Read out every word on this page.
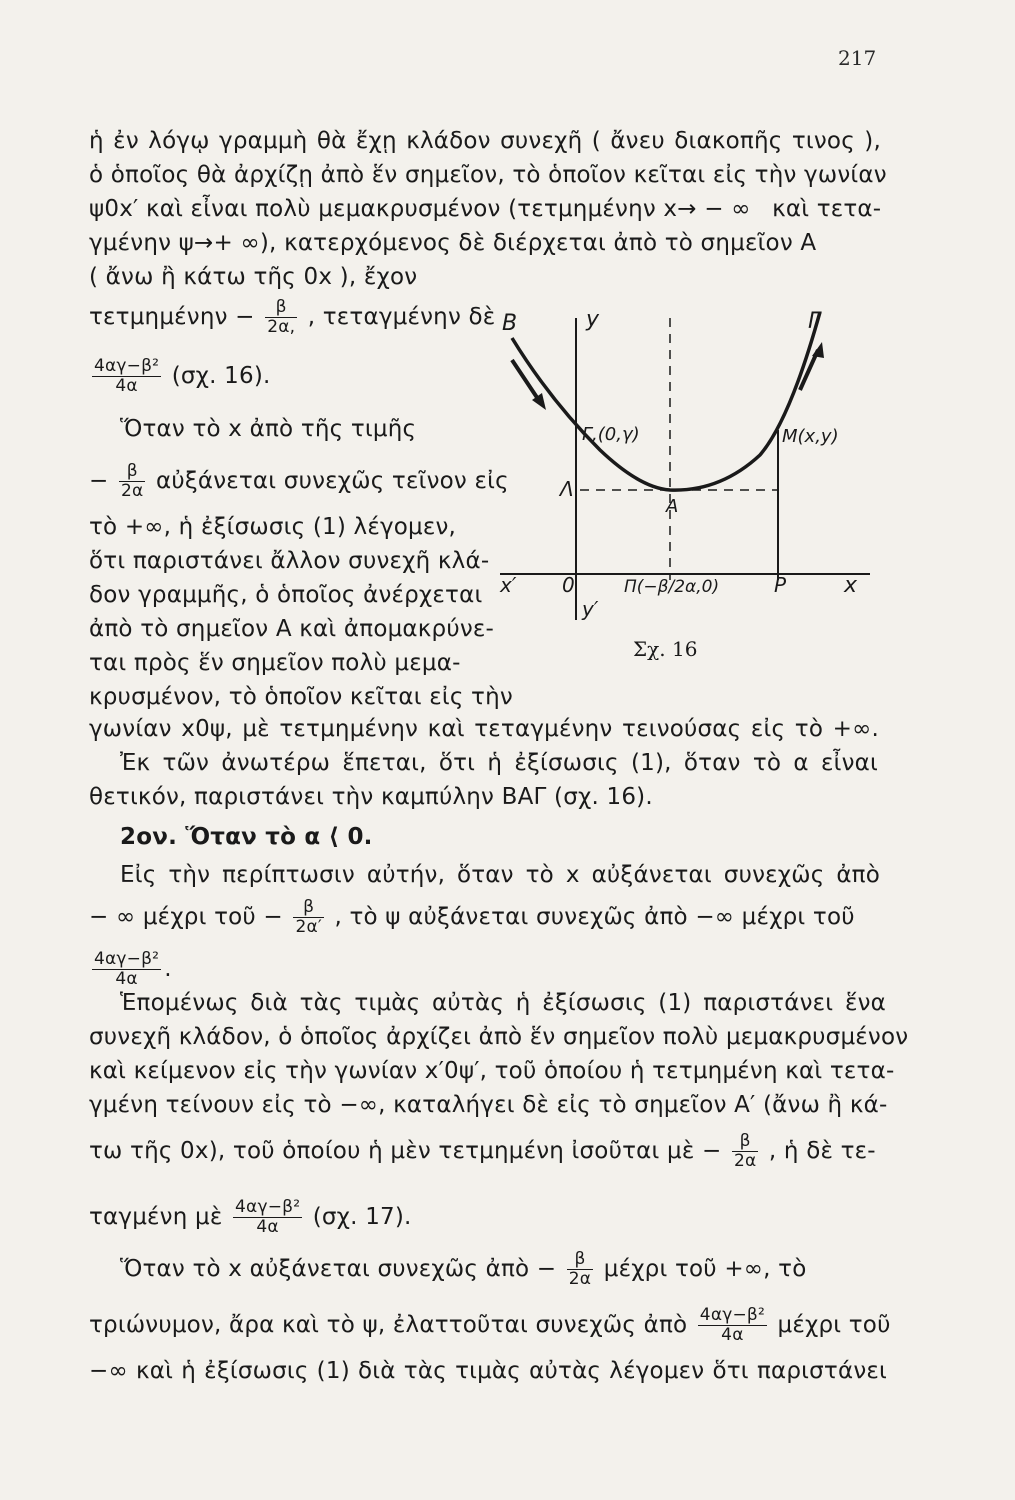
217
ἡ ἐν λόγῳ γραμμὴ θὰ ἔχῃ κλάδον συνεχῆ ( ἄνευ διακοπῆς τινος ),
ὁ ὁποῖος θὰ ἀρχίζῃ ἀπὸ ἕν σημεῖον, τὸ ὁποῖον κεῖται εἰς τὴν γωνίαν
ψ0x′ καὶ εἶναι πολὺ μεμακρυσμένον (τετμημένην x→ − ∞ καὶ τετα-
γμένην ψ→+ ∞), κατερχόμενος δὲ διέρχεται ἀπὸ τὸ σημεῖον Α
( ἄνω ἢ κάτω τῆς 0x ), ἔχον
$\tau\varepsilon\tau\mu\eta\mu έ\nu\eta\nu - \frac{\beta}{2\alpha,}$ , τεταγμένην δὲ
$\frac{\text{4αγ−β²}}{4\alpha} (\sigma\chi$. 16).
Ὅταν τὸ x ἀπὸ τῆς τιμῆς
− $\frac{\beta}{2\alpha}$ αὐξάνεται συνεχῶς τεῖνον εἰς
τὸ +∞, ἡ ἐξίσωσις (1) λέγομεν,
ὅτι παριστάνει ἄλλον συνεχῆ κλά-
δον γραμμῆς, ὁ ὁποῖος ἀνέρχεται
ἀπὸ τὸ σημεῖον Α καὶ ἀπομακρύνε-
ται πρὸς ἕν σημεῖον πολὺ μεμα-
κρυσμένον, τὸ ὁποῖον κεῖται εἰς τὴν
γωνίαν x0ψ, μὲ τετμημένην καὶ τεταγμένην τεινούσας εἰς τὸ +∞.
Ἐκ τῶν ἀνωτέρω ἕπεται, ὅτι ἡ ἐξίσωσις (1), ὅταν τὸ α εἶναι
θετικόν, παριστάνει τὴν καμπύλην ΒΑΓ (σχ. 16).
2ον. Ὅταν τὸ α ⟨ 0.
Εἰς τὴν περίπτωσιν αὐτήν, ὅταν τὸ x αὐξάνεται συνεχῶς ἀπὸ
− ∞ μέχρι τοῦ − $\frac{\beta}{2\alpha'}$ , τὸ ψ αὐξάνεται συνεχῶς ἀπὸ −∞ μέχρι τοῦ
$\frac{\text{4αγ−β²}}{4\alpha}$ .
Ἑπομένως διὰ τὰς τιμὰς αὐτὰς ἡ ἐξίσωσις (1) παριστάνει ἕνα
συνεχῆ κλάδον, ὁ ὁποῖος ἀρχίζει ἀπὸ ἕν σημεῖον πολὺ μεμακρυσμένον
καὶ κείμενον εἰς τὴν γωνίαν x′0ψ′, τοῦ ὁποίου ἡ τετμημένη καὶ τετα-
γμένη τείνουν εἰς τὸ −∞, καταλήγει δὲ εἰς τὸ σημεῖον Α′ (ἄνω ἢ κά-
τω τῆς 0x), τοῦ ὁποίου ἡ μὲν τετμημένη ἰσοῦται μὲ − $\frac{\beta}{2\alpha}$ , ἡ δὲ τε-
ταγμένη μὲ $\frac{\text{4αγ−β²}}{4\alpha} (\sigma\chi$. 17).
Ὅταν τὸ x αὐξάνεται συνεχῶς ἀπὸ − $\frac{\beta}{2\alpha}$ μέχρι τοῦ +∞, τὸ
τριώνυμον, ἄρα καὶ τὸ ψ, ἐλαττοῦται συνεχῶς ἀπὸ $\frac{\text{4αγ−β²}}{4\alpha}$ μέχρι τοῦ
−∞ καὶ ἡ ἐξίσωσις (1) διὰ τὰς τιμὰς αὐτὰς λέγομεν ὅτι παριστάνει
B	y	Γ
Γ,(0,γ)	M(x,y)
Λ
A
x′ 0	Π(−β/2α,0)	P	x
y′
Σχ. 16
